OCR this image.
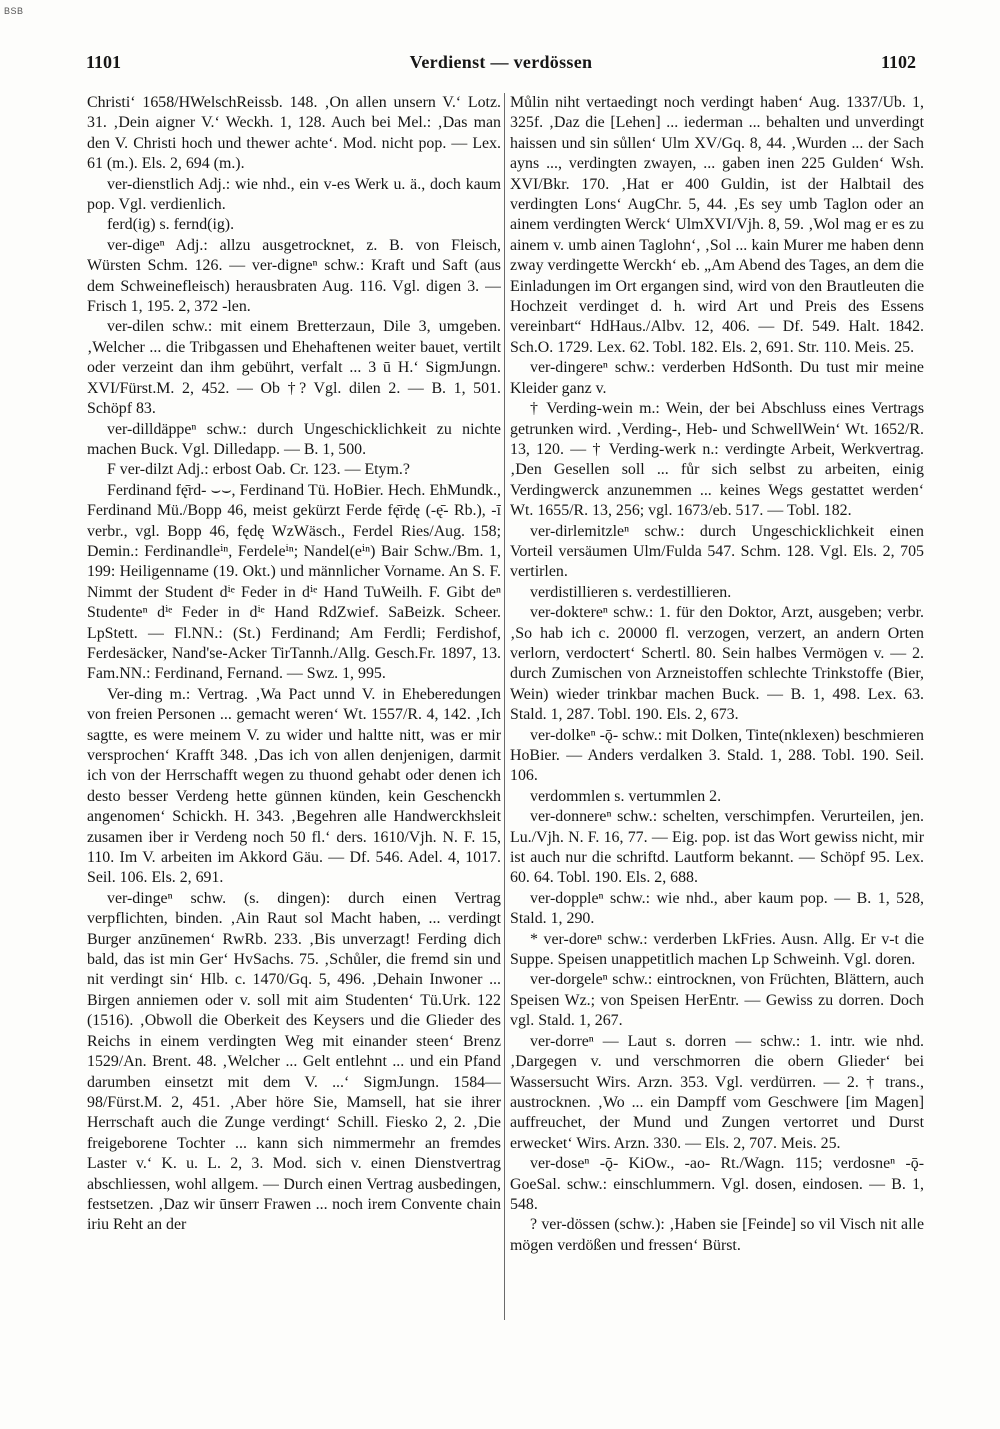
BSB
1101	Verdienst — verdössen	1102

Christi‘ 1658/HWelschReissb. 148. ‚On allen unsern V.‘ Lotz. 31. ‚Dein aigner V.‘ Weckh. 1, 128. Auch bei Mel.: ‚Das man den V. Christi hoch und thewer achte‘. Mod. nicht pop. — Lex. 61 (m.). Els. 2, 694 (m.).

ver-dienstlich Adj.: wie nhd., ein v-es Werk u. ä., doch kaum pop. Vgl. verdienlich.

ferd(ig) s. fernd(ig).

ver-digeⁿ Adj.: allzu ausgetrocknet, z. B. von Fleisch, Würsten Schm. 126. — ver-digneⁿ schw.: Kraft und Saft (aus dem Schweinefleisch) herausbraten Aug. 116. Vgl. digen 3. — Frisch 1, 195. 2, 372 -len.

ver-dilen schw.: mit einem Bretterzaun, Dile 3, umgeben. ‚Welcher ... die Tribgassen und Ehehaftenen weiter bauet, vertilt oder verzeint dan ihm gebührt, verfalt ... 3 ū H.‘ SigmJungn. XVI/Fürst.M. 2, 452. — Ob †? Vgl. dilen 2. — B. 1, 501. Schöpf 83.

ver-dilldäppeⁿ schw.: durch Ungeschicklichkeit zu nichte machen Buck. Vgl. Dilledapp. — B. 1, 500.

F ver-dilzt Adj.: erbost Oab. Cr. 123. — Etym.?

Ferdinand fę̄rd- ⌣⌣, Ferdinand Tü. HoBier. Hech. EhMundk., Ferdinand Mü./Bopp 46, meist gekürzt Ferde fę̄rdę (-ę̄- Rb.), -ī verbr., vgl. Bopp 46, fędę WzWäsch., Ferdel Ries/Aug. 158; Demin.: Ferdinandleⁱⁿ, Ferdeleⁱⁿ; Nandel(eⁱⁿ) Bair Schw./Bm. 1, 199: Heiligenname (19. Okt.) und männlicher Vorname. An S. F. Nimmt der Student dⁱᵉ Feder in dⁱᵉ Hand TuWeilh. F. Gibt deⁿ Studenteⁿ dⁱᵉ Feder in dⁱᵉ Hand RdZwief. SaBeizk. Scheer. LpStett. — Fl.NN.: (St.) Ferdinand; Am Ferdli; Ferdishof, Ferdesäcker, Nand'se-Acker TirTannh./Allg. Gesch.Fr. 1897, 13. Fam.NN.: Ferdinand, Fernand. — Swz. 1, 995.

Ver-ding m.: Vertrag. ‚Wa Pact unnd V. in Eheberedungen von freien Personen ... gemacht weren‘ Wt. 1557/R. 4, 142. ‚Ich sagtte, es were meinem V. zu wider und haltte nitt, was er mir versprochen‘ Krafft 348. ‚Das ich von allen denjenigen, darmit ich von der Herrschafft wegen zu thuond gehabt oder denen ich desto besser Verdeng hette günnen künden, kein Geschenckh angenomen‘ Schickh. H. 343. ‚Begehren alle Handwerckhsleit zusamen iber ir Verdeng noch 50 fl.‘ ders. 1610/Vjh. N. F. 15, 110. Im V. arbeiten im Akkord Gäu. — Df. 546. Adel. 4, 1017. Seil. 106. Els. 2, 691.

ver-dingeⁿ schw. (s. dingen): durch einen Vertrag verpflichten, binden. ‚Ain Raut sol Macht haben, ... verdingt Burger anzūnemen‘ RwRb. 233. ‚Bis unverzagt! Ferding dich bald, das ist min Ger‘ HvSachs. 75. ‚Schůler, die fremd sin und nit verdingt sin‘ Hlb. c. 1470/Gq. 5, 496. ‚Dehain Inwoner ... Birgen anniemen oder v. soll mit aim Studenten‘ Tü.Urk. 122 (1516). ‚Obwoll die Oberkeit des Keysers und die Glieder des Reichs in einem verdingten Weg mit einander steen‘ Brenz 1529/An. Brent. 48. ‚Welcher ... Gelt entlehnt ... und ein Pfand darumben einsetzt mit dem V. ...‘ SigmJungn. 1584—98/Fürst.M. 2, 451. ‚Aber höre Sie, Mamsell, hat sie ihrer Herrschaft auch die Zunge verdingt‘ Schill. Fiesko 2, 2. ‚Die freigeborene Tochter ... kann sich nimmermehr an fremdes Laster v.‘ K. u. L. 2, 3. Mod. sich v. einen Dienstvertrag abschliessen, wohl allgem. — Durch einen Vertrag ausbedingen, festsetzen. ‚Daz wir ūnserr Frawen ... noch irem Convente chain iriu Reht an der

Můlin niht vertaedingt noch verdingt haben‘ Aug. 1337/Ub. 1, 325f. ‚Daz die [Lehen] ... iederman ... behalten und unverdingt haissen und sin sůllen‘ Ulm XV/Gq. 8, 44. ‚Wurden ... der Sach ayns ..., verdingten zwayen, ... gaben inen 225 Gulden‘ Wsh. XVI/Bkr. 170. ‚Hat er 400 Guldin, ist der Halbtail des verdingten Lons‘ AugChr. 5, 44. ‚Es sey umb Taglon oder an ainem verdingten Werck‘ UlmXVI/Vjh. 8, 59. ‚Wol mag er es zu ainem v. umb ainen Taglohn‘, ‚Sol ... kain Murer me haben denn zway verdingette Werckh‘ eb. „Am Abend des Tages, an dem die Einladungen im Ort ergangen sind, wird von den Brautleuten die Hochzeit verdinget d. h. wird Art und Preis des Essens vereinbart“ HdHaus./Albv. 12, 406. — Df. 549. Halt. 1842. Sch.O. 1729. Lex. 62. Tobl. 182. Els. 2, 691. Str. 110. Meis. 25.

ver-dingereⁿ schw.: verderben HdSonth. Du tust mir meine Kleider ganz v.

† Verding-wein m.: Wein, der bei Abschluss eines Vertrags getrunken wird. ‚Verding-, Heb- und SchwellWein‘ Wt. 1652/R. 13, 120. — † Verding-werk n.: verdingte Arbeit, Werkvertrag. ‚Den Gesellen soll ... fůr sich selbst zu arbeiten, einig Verdingwerck anzunemmen ... keines Wegs gestattet werden‘ Wt. 1655/R. 13, 256; vgl. 1673/eb. 517. — Tobl. 182.

ver-dirlemitzleⁿ schw.: durch Ungeschicklichkeit einen Vorteil versäumen Ulm/Fulda 547. Schm. 128. Vgl. Els. 2, 705 vertirlen.

verdistillieren s. verdestillieren.

ver-doktereⁿ schw.: 1. für den Doktor, Arzt, ausgeben; verbr. ‚So hab ich c. 20000 fl. verzogen, verzert, an andern Orten verlorn, verdoctert‘ Schertl. 80. Sein halbes Vermögen v. — 2. durch Zumischen von Arzneistoffen schlechte Trinkstoffe (Bier, Wein) wieder trinkbar machen Buck. — B. 1, 498. Lex. 63. Stald. 1, 287. Tobl. 190. Els. 2, 673.

ver-dolkeⁿ -ǭ- schw.: mit Dolken, Tinte(nklexen) beschmieren HoBier. — Anders verdalken 3. Stald. 1, 288. Tobl. 190. Seil. 106.

verdommlen s. vertummlen 2.

ver-donnereⁿ schw.: schelten, verschimpfen. Verurteilen, jen. Lu./Vjh. N. F. 16, 77. — Eig. pop. ist das Wort gewiss nicht, mir ist auch nur die schriftd. Lautform bekannt. — Schöpf 95. Lex. 60. 64. Tobl. 190. Els. 2, 688.

ver-doppleⁿ schw.: wie nhd., aber kaum pop. — B. 1, 528, Stald. 1, 290.

* ver-doreⁿ schw.: verderben LkFries. Ausn. Allg. Er v-t die Suppe. Speisen unappetitlich machen Lp Schweinh. Vgl. doren.

ver-dorgeleⁿ schw.: eintrocknen, von Früchten, Blättern, auch Speisen Wz.; von Speisen HerEntr. — Gewiss zu dorren. Doch vgl. Stald. 1, 267.

ver-dorreⁿ — Laut s. dorren — schw.: 1. intr. wie nhd. ‚Dargegen v. und verschmorren die obern Glieder‘ bei Wassersucht Wirs. Arzn. 353. Vgl. verdürren. — 2. † trans., austrocknen. ‚Wo ... ein Dampff vom Geschwere [im Magen] auffreuchet, der Mund und Zungen vertorret und Durst erwecket‘ Wirs. Arzn. 330. — Els. 2, 707. Meis. 25.

ver-doseⁿ -ǭ- KiOw., -ao- Rt./Wagn. 115; verdosneⁿ -ǭ- GoeSal. schw.: einschlummern. Vgl. dosen, eindosen. — B. 1, 548.

? ver-dössen (schw.): ‚Haben sie [Feinde] so vil Visch nit alle mögen verdößen und fressen‘ Bürst.
